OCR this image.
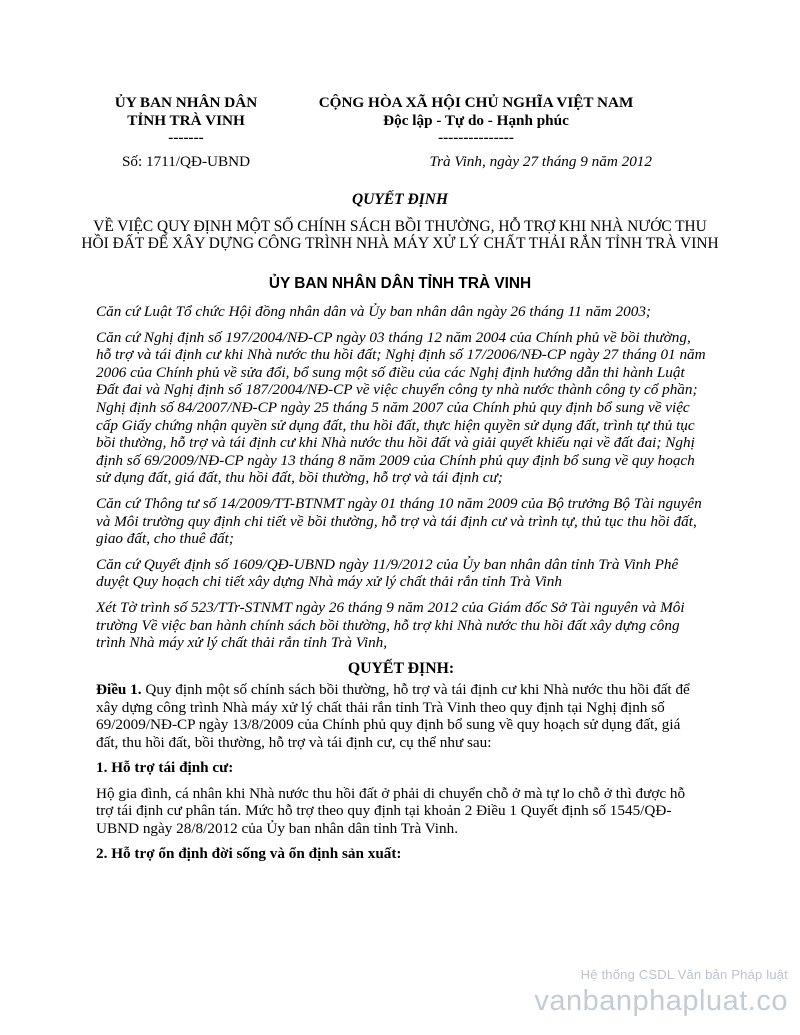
ỦY BAN NHÂN DÂN
TỈNH TRÀ VINH
-------
Số: 1711/QĐ-UBND
CỘNG HÒA XÃ HỘI CHỦ NGHĨA VIỆT NAM
Độc lập - Tự do - Hạnh phúc
---------------
Trà Vinh, ngày 27 tháng 9 năm 2012
QUYẾT ĐỊNH
VỀ VIỆC QUY ĐỊNH MỘT SỐ CHÍNH SÁCH BỒI THƯỜNG, HỖ TRỢ KHI NHÀ NƯỚC THU HỒI ĐẤT ĐỂ XÂY DỰNG CÔNG TRÌNH NHÀ MÁY XỬ LÝ CHẤT THẢI RẮN TỈNH TRÀ VINH
ỦY BAN NHÂN DÂN TỈNH TRÀ VINH

Căn cứ Luật Tổ chức Hội đồng nhân dân và Ủy ban nhân dân ngày 26 tháng 11 năm 2003;

Căn cứ Nghị định số 197/2004/NĐ-CP ngày 03 tháng 12 năm 2004 của Chính phủ về bồi thường, hỗ trợ và tái định cư khi Nhà nước thu hồi đất; Nghị định số 17/2006/NĐ-CP ngày 27 tháng 01 năm 2006 của Chính phủ về sửa đổi, bổ sung một số điều của các Nghị định hướng dẫn thi hành Luật Đất đai và Nghị định số 187/2004/NĐ-CP về việc chuyển công ty nhà nước thành công ty cổ phần; Nghị định số 84/2007/NĐ-CP ngày 25 tháng 5 năm 2007 của Chính phủ quy định bổ sung về việc cấp Giấy chứng nhận quyền sử dụng đất, thu hồi đất, thực hiện quyền sử dụng đất, trình tự thủ tục bồi thường, hỗ trợ và tái định cư khi Nhà nước thu hồi đất và giải quyết khiếu nại về đất đai; Nghị định số 69/2009/NĐ-CP ngày 13 tháng 8 năm 2009 của Chính phủ quy định bổ sung về quy hoạch sử dụng đất, giá đất, thu hồi đất, bồi thường, hỗ trợ và tái định cư;

Căn cứ Thông tư số 14/2009/TT-BTNMT ngày 01 tháng 10 năm 2009 của Bộ trưởng Bộ Tài nguyên và Môi trường quy định chi tiết về bồi thường, hỗ trợ và tái định cư và trình tự, thủ tục thu hồi đất, giao đất, cho thuê đất;

Căn cứ Quyết định số 1609/QĐ-UBND ngày 11/9/2012 của Ủy ban nhân dân tỉnh Trà Vinh Phê duyệt Quy hoạch chi tiết xây dựng Nhà máy xử lý chất thải rắn tỉnh Trà Vinh

Xét Tờ trình số 523/TTr-STNMT ngày 26 tháng 9 năm 2012 của Giám đốc Sở Tài nguyên và Môi trường Về việc ban hành chính sách bồi thường, hỗ trợ khi Nhà nước thu hồi đất xây dựng công trình Nhà máy xử lý chất thải rắn tỉnh Trà Vinh,

QUYẾT ĐỊNH:

Điều 1. Quy định một số chính sách bồi thường, hỗ trợ và tái định cư khi Nhà nước thu hồi đất để xây dựng công trình Nhà máy xử lý chất thải rắn tỉnh Trà Vinh theo quy định tại Nghị định số 69/2009/NĐ-CP ngày 13/8/2009 của Chính phủ quy định bổ sung về quy hoạch sử dụng đất, giá đất, thu hồi đất, bồi thường, hỗ trợ và tái định cư, cụ thể như sau:

1. Hỗ trợ tái định cư:

Hộ gia đình, cá nhân khi Nhà nước thu hồi đất ở phải di chuyển chỗ ở mà tự lo chỗ ở thì được hỗ trợ tái định cư phân tán. Mức hỗ trợ theo quy định tại khoản 2 Điều 1 Quyết định số 1545/QĐ-UBND ngày 28/8/2012 của Ủy ban nhân dân tỉnh Trà Vinh.

2. Hỗ trợ ổn định đời sống và ổn định sản xuất:
Hệ thống CSDL Văn bản Pháp luật
vanbanphapluat.co
